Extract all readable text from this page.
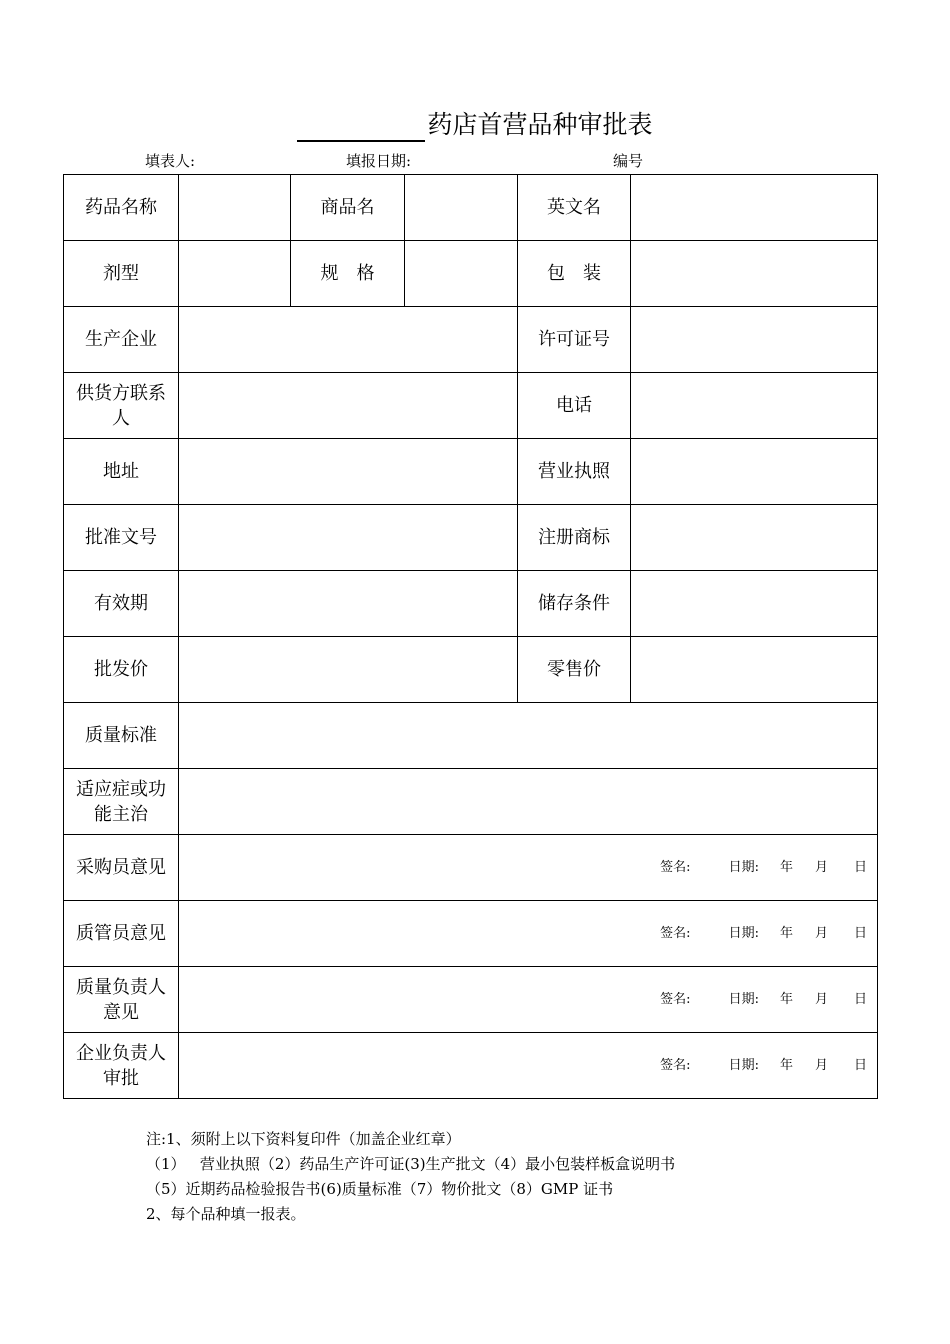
药店首营品种审批表
填表人:	填报日期:	编号
药品名称		商品名		英文名	
剂型		规　格		包　装	
生产企业				许可证号	
供货方联系人				电话	
地址				营业执照	
批准文号				注册商标	
有效期				储存条件	
批发价				零售价	
质量标准					
适应症或功能主治					
采购员意见	签名: 日期: 年 月 日				
质管员意见	签名: 日期: 年 月 日				
质量负责人意见	签名: 日期: 年 月 日				
企业负责人审批	签名: 日期: 年 月 日				
注:1、须附上以下资料复印件（加盖企业红章）
（1）   营业执照（2）药品生产许可证(3)生产批文（4）最小包装样板盒说明书
（5）近期药品检验报告书(6)质量标准（7）物价批文（8）GMP 证书
2、每个品种填一报表。
